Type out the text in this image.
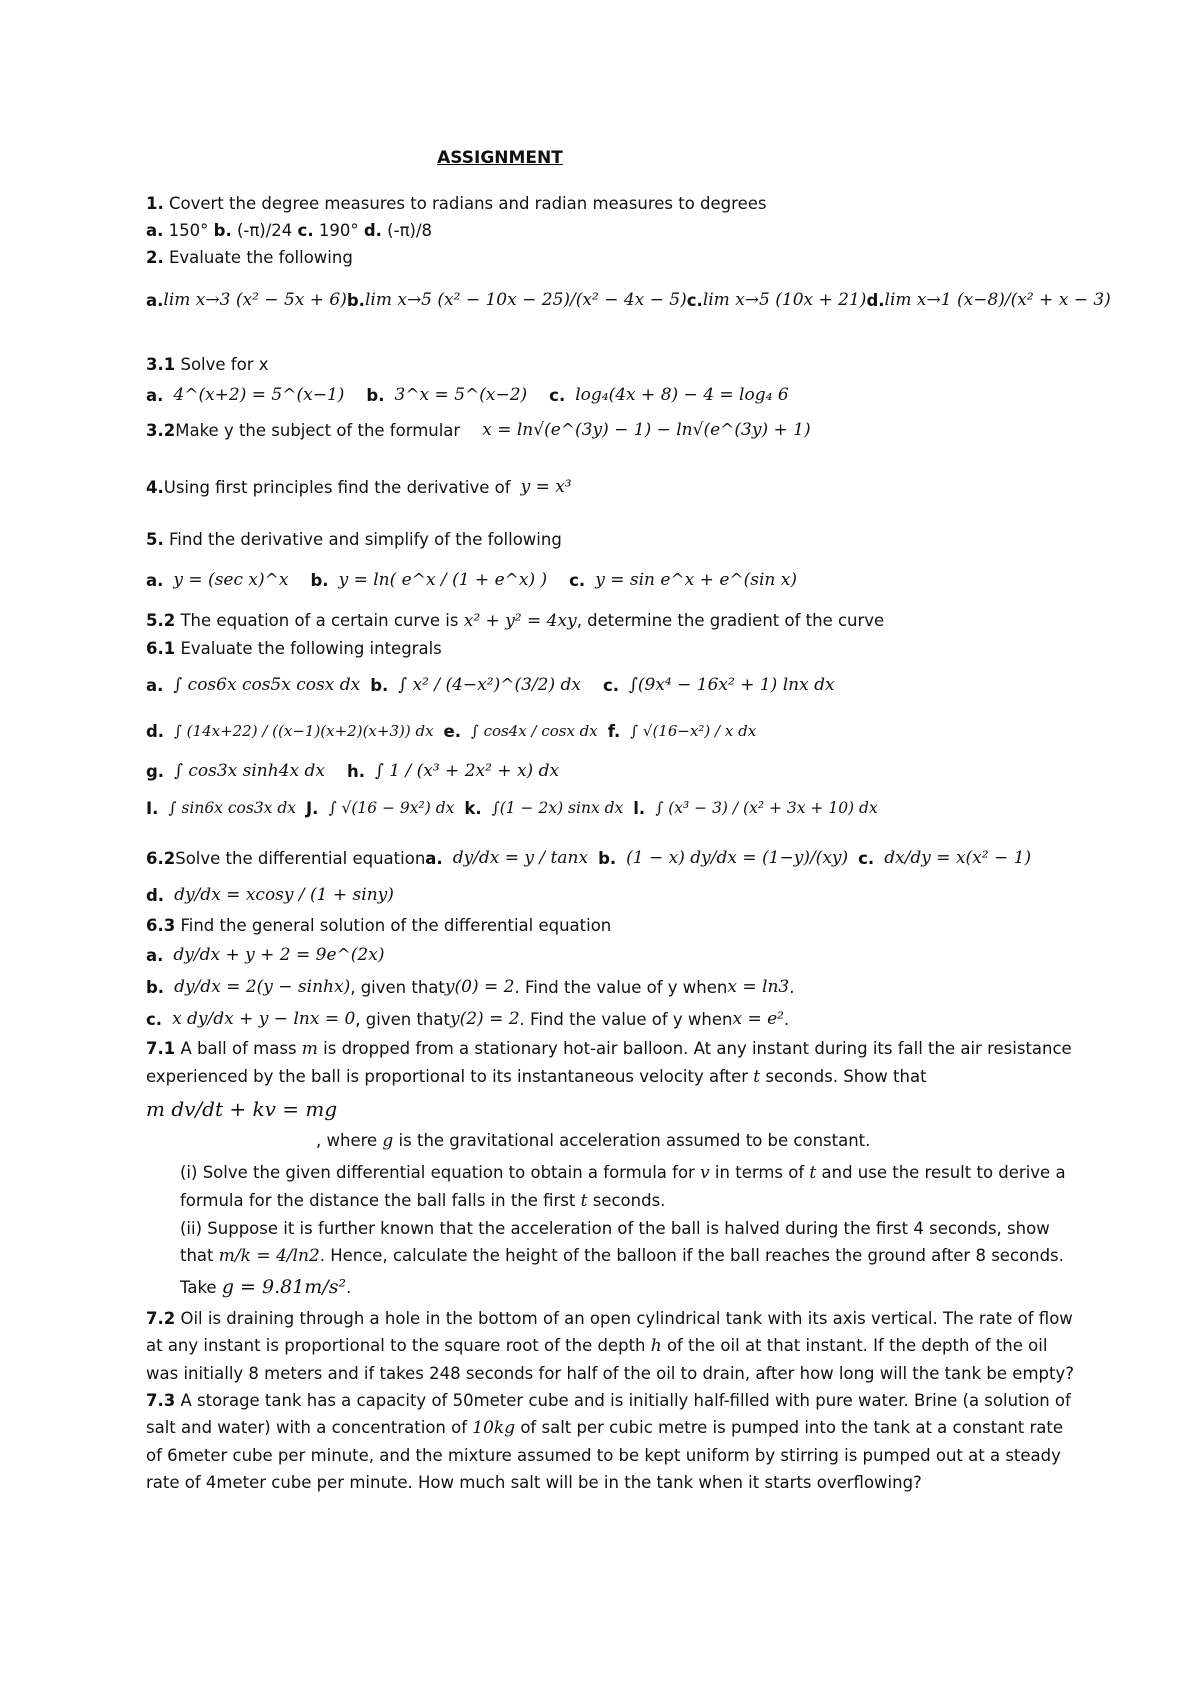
ASSIGNMENT

1. Covert the degree measures to radians and radian measures to degrees

a. 150° b. (-π)/24 c. 190° d. (-π)/8

2. Evaluate the following

a. lim x→3 (x² − 5x + 6) b. lim x→5 (x² − 10x − 25)/(x² − 4x − 5) c. lim x→5 (10x + 21) d. lim x→1 (x−8)/(x² + x − 3)

3.1 Solve for x

a. 4^(x+2) = 5^(x−1) b. 3^x = 5^(x−2) c. log₄(4x + 8) − 4 = log₄ 6
3.2 Make y the subject of the formular x = ln√(e^(3y) − 1) − ln√(e^(3y) + 1)
4. Using first principles find the derivative of y = x³

5. Find the derivative and simplify of the following

a. y = (sec x)^x b. y = ln( e^x / (1 + e^x) ) c. y = sin e^x + e^(sin x)

5.2 The equation of a certain curve is x² + y² = 4xy, determine the gradient of the curve

6.1 Evaluate the following integrals

a. ∫ cos6x cos5x cosx dx b. ∫ x² / (4−x²)^(3/2) dx c. ∫(9x⁴ − 16x² + 1) lnx dx
d. ∫ (14x+22) / ((x−1)(x+2)(x+3)) dx e. ∫ cos4x / cosx dx f. ∫ √(16−x²) / x dx
g. ∫ cos3x sinh4x dx h. ∫ 1 / (x³ + 2x² + x) dx
I. ∫ sin6x cos3x dx J. ∫ √(16 − 9x²) dx k. ∫(1 − 2x) sinx dx l. ∫ (x³ − 3) / (x² + 3x + 10) dx
6.2 Solve the differential equation a. dy/dx = y / tanx b. (1 − x) dy/dx = (1−y)/(xy) c. dx/dy = x(x² − 1)
d. dy/dx = xcosy / (1 + siny)

6.3 Find the general solution of the differential equation

a. dy/dx + y + 2 = 9e^(2x)
b. dy/dx = 2(y − sinhx) , given that y(0) = 2 . Find the value of y when x = ln3 .
c. x dy/dx + y − lnx = 0 , given that y(2) = 2 . Find the value of y when x = e² .

7.1 A ball of mass m is dropped from a stationary hot-air balloon. At any instant during its fall the air resistance experienced by the ball is proportional to its instantaneous velocity after t seconds. Show that

m dv/dt + kv = mg

, where g is the gravitational acceleration assumed to be constant.

(i) Solve the given differential equation to obtain a formula for v in terms of t and use the result to derive a formula for the distance the ball falls in the first t seconds.

(ii) Suppose it is further known that the acceleration of the ball is halved during the first 4 seconds, show that m/k = 4/ln2. Hence, calculate the height of the balloon if the ball reaches the ground after 8 seconds.

Take g = 9.81m/s².

7.2 Oil is draining through a hole in the bottom of an open cylindrical tank with its axis vertical. The rate of flow at any instant is proportional to the square root of the depth h of the oil at that instant. If the depth of the oil was initially 8 meters and if takes 248 seconds for half of the oil to drain, after how long will the tank be empty?

7.3 A storage tank has a capacity of 50meter cube and is initially half-filled with pure water. Brine (a solution of salt and water) with a concentration of 10kg of salt per cubic metre is pumped into the tank at a constant rate of 6meter cube per minute, and the mixture assumed to be kept uniform by stirring is pumped out at a steady rate of 4meter cube per minute. How much salt will be in the tank when it starts overflowing?
